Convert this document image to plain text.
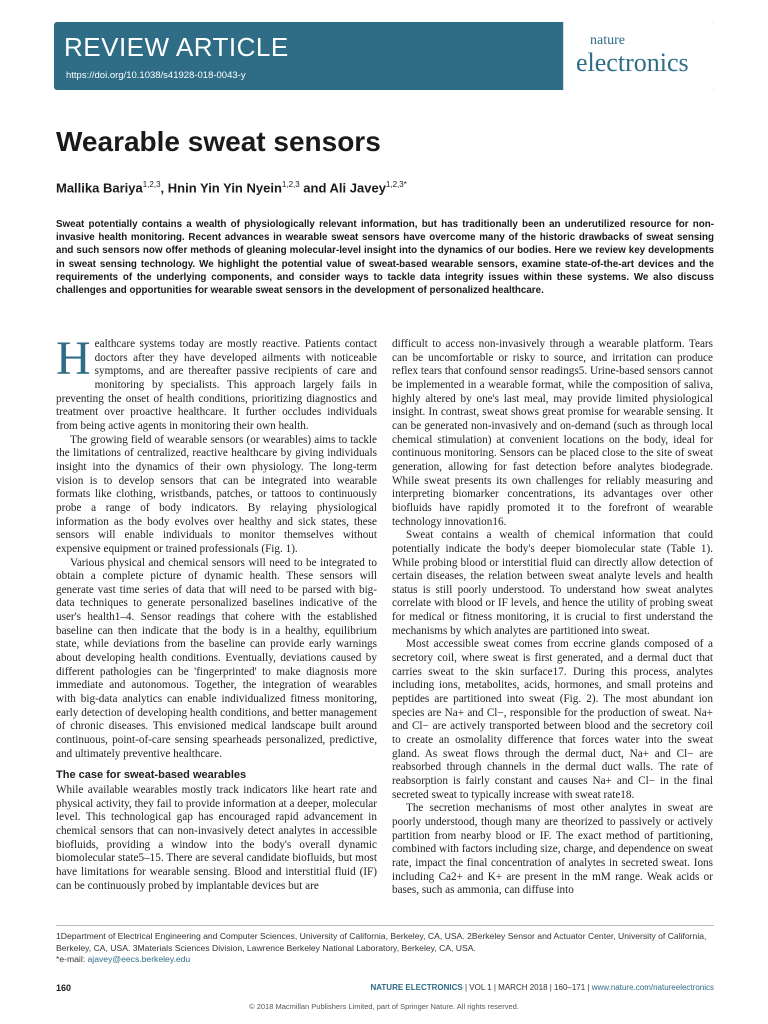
REVIEW ARTICLE
https://doi.org/10.1038/s41928-018-0043-y
nature
electronics
Wearable sweat sensors
Mallika Bariya$^{1,2,3}$, Hnin Yin Yin Nyein$^{1,2,3}$ and Ali Javey$^{1,2,3*}$
Sweat potentially contains a wealth of physiologically relevant information, but has traditionally been an underutilized resource for non-invasive health monitoring. Recent advances in wearable sweat sensors have overcome many of the historic drawbacks of sweat sensing and such sensors now offer methods of gleaning molecular-level insight into the dynamics of our bodies. Here we review key developments in sweat sensing technology. We highlight the potential value of sweat-based wearable sensors, examine state-of-the-art devices and the requirements of the underlying components, and consider ways to tackle data integrity issues within these systems. We also discuss challenges and opportunities for wearable sweat sensors in the development of personalized healthcare.

Healthcare systems today are mostly reactive. Patients contact doctors after they have developed ailments with noticeable symptoms, and are thereafter passive recipients of care and monitoring by specialists. This approach largely fails in preventing the onset of health conditions, prioritizing diagnostics and treatment over proactive healthcare. It further occludes individuals from being active agents in monitoring their own health.

The growing field of wearable sensors (or wearables) aims to tackle the limitations of centralized, reactive healthcare by giving individuals insight into the dynamics of their own physiology. The long-term vision is to develop sensors that can be integrated into wearable formats like clothing, wristbands, patches, or tattoos to continuously probe a range of body indicators. By relaying physiological information as the body evolves over healthy and sick states, these sensors will enable individuals to monitor themselves without expensive equipment or trained professionals (Fig. 1).

Various physical and chemical sensors will need to be integrated to obtain a complete picture of dynamic health. These sensors will generate vast time series of data that will need to be parsed with big-data techniques to generate personalized baselines indicative of the user's health1–4. Sensor readings that cohere with the established baseline can then indicate that the body is in a healthy, equilibrium state, while deviations from the baseline can provide early warnings about developing health conditions. Eventually, deviations caused by different pathologies can be 'fingerprinted' to make diagnosis more immediate and autonomous. Together, the integration of wearables with big-data analytics can enable individualized fitness monitoring, early detection of developing health conditions, and better management of chronic diseases. This envisioned medical landscape built around continuous, point-of-care sensing spearheads personalized, predictive, and ultimately preventive healthcare.

The case for sweat-based wearables

While available wearables mostly track indicators like heart rate and physical activity, they fail to provide information at a deeper, molecular level. This technological gap has encouraged rapid advancement in chemical sensors that can non-invasively detect analytes in accessible biofluids, providing a window into the body's overall dynamic biomolecular state5–15. There are several candidate biofluids, but most have limitations for wearable sensing. Blood and interstitial fluid (IF) can be continuously probed by implantable devices but are

difficult to access non-invasively through a wearable platform. Tears can be uncomfortable or risky to source, and irritation can produce reflex tears that confound sensor readings5. Urine-based sensors cannot be implemented in a wearable format, while the composition of saliva, highly altered by one's last meal, may provide limited physiological insight. In contrast, sweat shows great promise for wearable sensing. It can be generated non-invasively and on-demand (such as through local chemical stimulation) at convenient locations on the body, ideal for continuous monitoring. Sensors can be placed close to the site of sweat generation, allowing for fast detection before analytes biodegrade. While sweat presents its own challenges for reliably measuring and interpreting biomarker concentrations, its advantages over other biofluids have rapidly promoted it to the forefront of wearable technology innovation16.

Sweat contains a wealth of chemical information that could potentially indicate the body's deeper biomolecular state (Table 1). While probing blood or interstitial fluid can directly allow detection of certain diseases, the relation between sweat analyte levels and health status is still poorly understood. To understand how sweat analytes correlate with blood or IF levels, and hence the utility of probing sweat for medical or fitness monitoring, it is crucial to first understand the mechanisms by which analytes are partitioned into sweat.

Most accessible sweat comes from eccrine glands composed of a secretory coil, where sweat is first generated, and a dermal duct that carries sweat to the skin surface17. During this process, analytes including ions, metabolites, acids, hormones, and small proteins and peptides are partitioned into sweat (Fig. 2). The most abundant ion species are Na+ and Cl−, responsible for the production of sweat. Na+ and Cl− are actively transported between blood and the secretory coil to create an osmolality difference that forces water into the sweat gland. As sweat flows through the dermal duct, Na+ and Cl− are reabsorbed through channels in the dermal duct walls. The rate of reabsorption is fairly constant and causes Na+ and Cl− in the final secreted sweat to typically increase with sweat rate18.

The secretion mechanisms of most other analytes in sweat are poorly understood, though many are theorized to passively or actively partition from nearby blood or IF. The exact method of partitioning, combined with factors including size, charge, and dependence on sweat rate, impact the final concentration of analytes in secreted sweat. Ions including Ca2+ and K+ are present in the mM range. Weak acids or bases, such as ammonia, can diffuse into

1Department of Electrical Engineering and Computer Sciences, University of California, Berkeley, CA, USA. 2Berkeley Sensor and Actuator Center, University of California, Berkeley, CA, USA. 3Materials Sciences Division, Lawrence Berkeley National Laboratory, Berkeley, CA, USA.
*e-mail: ajavey@eecs.berkeley.edu
160	NATURE ELECTRONICS | VOL 1 | MARCH 2018 | 160–171 | www.nature.com/natureelectronics
© 2018 Macmillan Publishers Limited, part of Springer Nature. All rights reserved.
